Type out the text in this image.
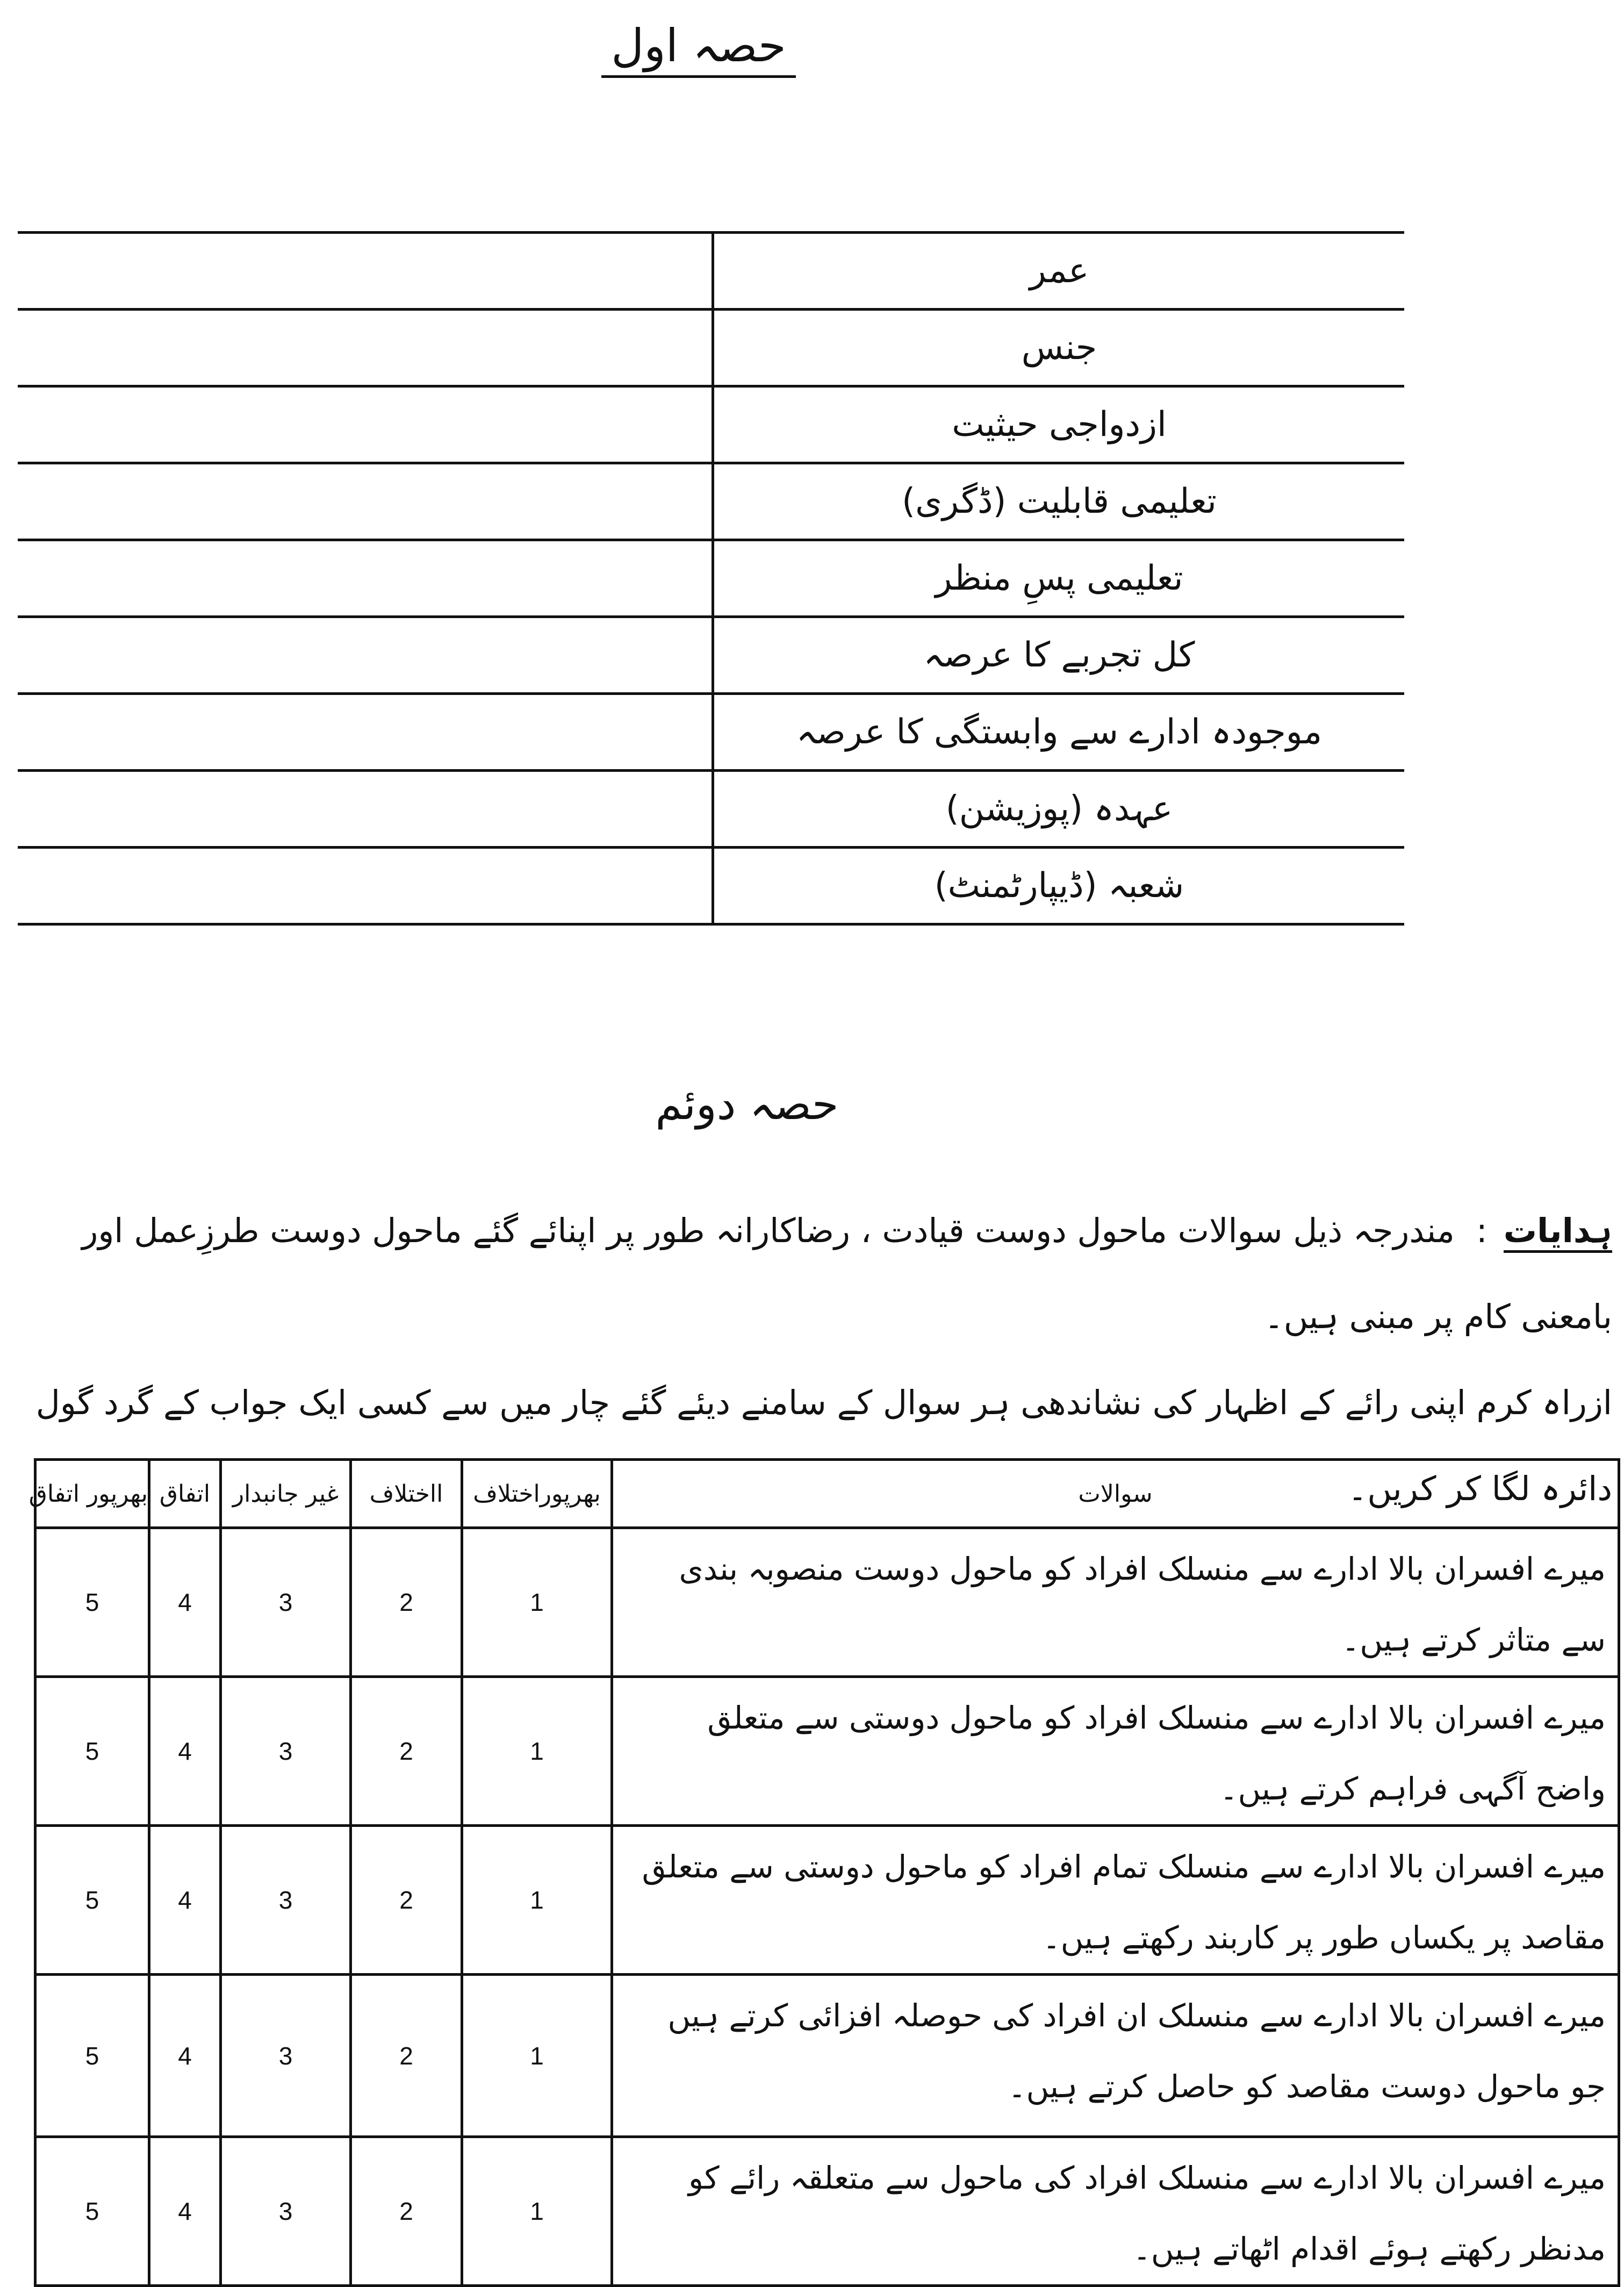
حصہ اول
	عمر
	جنس
	ازدواجی حیثیت
	تعلیمی قابلیت (ڈگری)
	تعلیمی پسِ منظر
	کل تجربے کا عرصہ
	موجودہ ادارے سے وابستگی کا عرصہ
	عہدہ (پوزیشن)
	شعبہ (ڈیپارٹمنٹ)
حصہ دوئم
ہدایات:مندرجہ ذیل سوالات ماحول دوست قیادت ، رضاکارانہ طور پر اپنائے گئے ماحول دوست طرزِعمل اور بامعنی کام پر مبنی ہیں۔
ازراہ کرم اپنی رائے کے اظہار کی نشاندھی ہر سوال کے سامنے دیئے گئے چار میں سے کسی ایک جواب کے گرد گول دائرہ لگا کر کریں۔
بھرپور اتفاق	اتفاق	غیر جانبدار	ااختلاف	بھرپوراختلاف	سوالات
5	4	3	2	1	میرے افسران بالا ادارے سے منسلک افراد کو ماحول دوست منصوبہ بندی سے متاثر کرتے ہیں۔
5	4	3	2	1	میرے افسران بالا ادارے سے منسلک افراد کو ماحول دوستی سے متعلق واضح آگہی فراہم کرتے ہیں۔
5	4	3	2	1	میرے افسران بالا ادارے سے منسلک تمام افراد کو ماحول دوستی سے متعلق مقاصد پر یکساں طور پر کاربند رکھتے ہیں۔
5	4	3	2	1	میرے افسران بالا ادارے سے منسلک ان افراد کی حوصلہ افزائی کرتے ہیں جو ماحول دوست مقاصد کو حاصل کرتے ہیں۔
5	4	3	2	1	میرے افسران بالا ادارے سے منسلک افراد کی ماحول سے متعلقہ رائے کو مدنظر رکھتے ہوئے اقدام اٹھاتے ہیں۔
